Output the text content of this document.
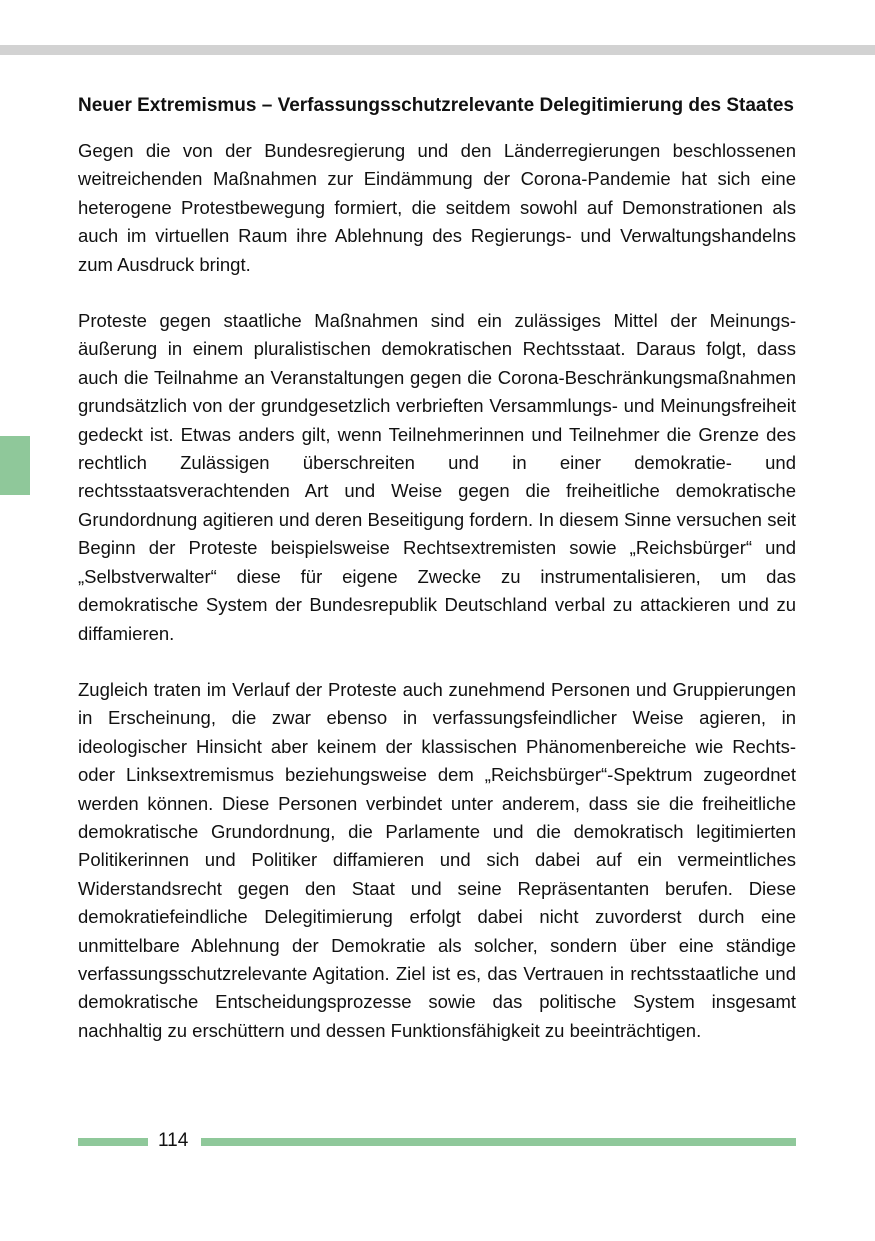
Neuer Extremismus – Verfassungsschutzrelevante Delegitimierung des Staates

Gegen die von der Bundesregierung und den Länderregierungen beschlossenen weitreichenden Maßnahmen zur Eindämmung der Corona-Pandemie hat sich eine heterogene Protestbewegung formiert, die seitdem sowohl auf Demonstrationen als auch im virtuellen Raum ihre Ablehnung des Regierungs- und Verwaltungshandelns zum Ausdruck bringt.

Proteste gegen staatliche Maßnahmen sind ein zulässiges Mittel der Meinungsäußerung in einem pluralistischen demokratischen Rechtsstaat. Daraus folgt, dass auch die Teilnahme an Veranstaltungen gegen die Corona-Beschränkungsmaßnahmen grundsätzlich von der grundgesetzlich verbrieften Versammlungs- und Meinungsfreiheit gedeckt ist. Etwas anders gilt, wenn Teilnehmerinnen und Teilnehmer die Grenze des rechtlich Zulässigen überschreiten und in einer demokratie- und rechtsstaatsverachtenden Art und Weise gegen die freiheitliche demokratische Grundordnung agitieren und deren Beseitigung fordern. In diesem Sinne versuchen seit Beginn der Proteste beispielsweise Rechtsextremisten sowie „Reichsbürger“ und „Selbstverwalter“ diese für eigene Zwecke zu instrumentalisieren, um das demokratische System der Bundesrepublik Deutschland verbal zu attackieren und zu diffamieren.

Zugleich traten im Verlauf der Proteste auch zunehmend Personen und Gruppierungen in Erscheinung, die zwar ebenso in verfassungsfeindlicher Weise agieren, in ideologischer Hinsicht aber keinem der klassischen Phänomenbereiche wie Rechts- oder Linksextremismus beziehungsweise dem „Reichsbürger“-Spektrum zugeordnet werden können. Diese Personen verbindet unter anderem, dass sie die freiheitliche demokratische Grundordnung, die Parlamente und die demokratisch legitimierten Politikerinnen und Politiker diffamieren und sich dabei auf ein vermeintliches Widerstandsrecht gegen den Staat und seine Repräsentanten berufen. Diese demokratiefeindliche Delegitimierung erfolgt dabei nicht zuvorderst durch eine unmittelbare Ablehnung der Demokratie als solcher, sondern über eine ständige verfassungsschutzrelevante Agitation. Ziel ist es, das Vertrauen in rechtsstaatliche und demokratische Entscheidungsprozesse sowie das politische System insgesamt nachhaltig zu erschüttern und dessen Funktionsfähigkeit zu beeinträchtigen.

114
